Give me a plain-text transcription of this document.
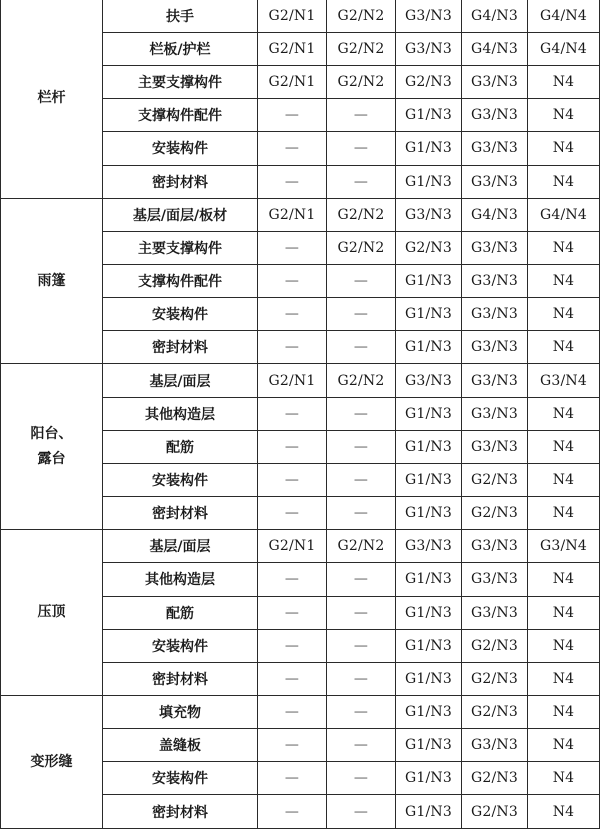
栏杆	扶手	G2/N1	G2/N2	G3/N3	G4/N3	G4/N4
	栏板/护栏	G2/N1	G2/N2	G3/N3	G4/N3	G4/N4
	主要支撑构件	G2/N1	G2/N2	G2/N3	G3/N3	N4
	支撑构件配件	—	—	G1/N3	G3/N3	N4
	安装构件	—	—	G1/N3	G3/N3	N4
	密封材料	—	—	G1/N3	G3/N3	N4
雨篷	基层/面层/板材	G2/N1	G2/N2	G3/N3	G4/N3	G4/N4
	主要支撑构件	—	G2/N2	G2/N3	G3/N3	N4
	支撑构件配件	—	—	G1/N3	G3/N3	N4
	安装构件	—	—	G1/N3	G3/N3	N4
	密封材料	—	—	G1/N3	G3/N3	N4
阳台、露台	基层/面层	G2/N1	G2/N2	G3/N3	G3/N3	G3/N4
	其他构造层	—	—	G1/N3	G3/N3	N4
	配筋	—	—	G1/N3	G3/N3	N4
	安装构件	—	—	G1/N3	G2/N3	N4
	密封材料	—	—	G1/N3	G2/N3	N4
压顶	基层/面层	G2/N1	G2/N2	G3/N3	G3/N3	G3/N4
	其他构造层	—	—	G1/N3	G3/N3	N4
	配筋	—	—	G1/N3	G3/N3	N4
	安装构件	—	—	G1/N3	G2/N3	N4
	密封材料	—	—	G1/N3	G2/N3	N4
变形缝	填充物	—	—	G1/N3	G2/N3	N4
	盖缝板	—	—	G1/N3	G3/N3	N4
	安装构件	—	—	G1/N3	G2/N3	N4
	密封材料	—	—	G1/N3	G2/N3	N4
